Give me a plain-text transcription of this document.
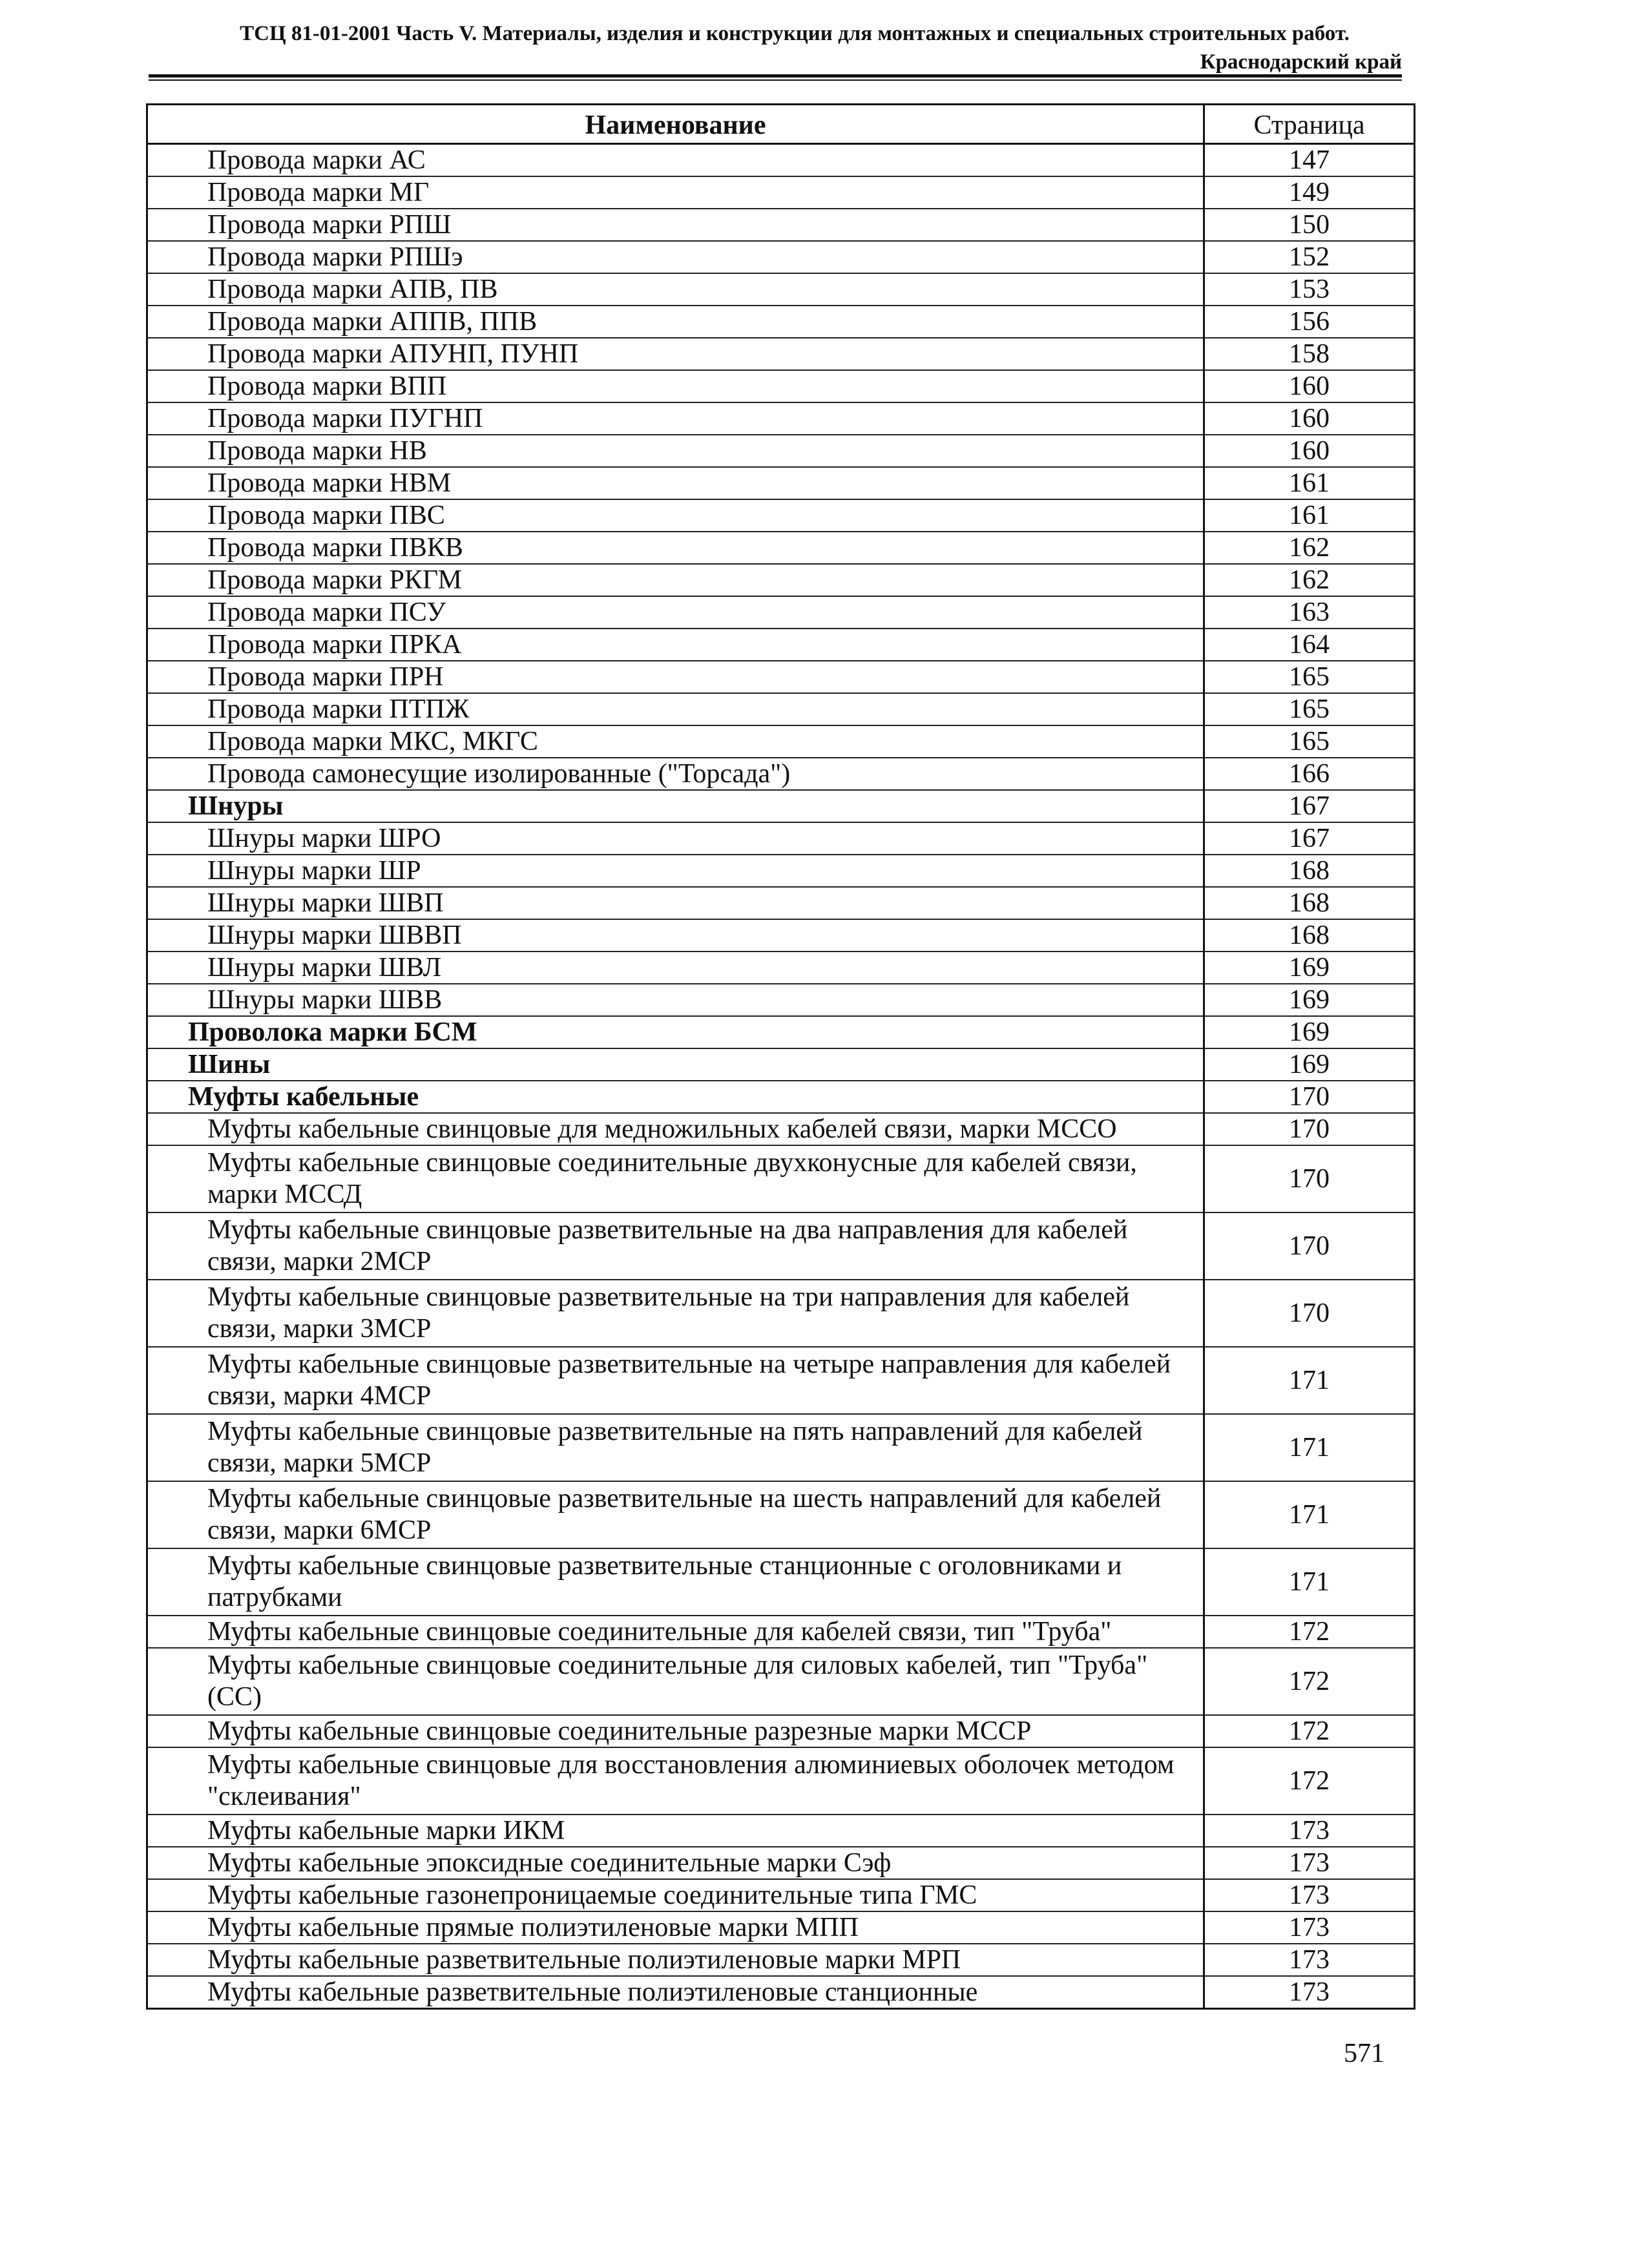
ТСЦ 81-01-2001 Часть V. Материалы, изделия и конструкции для монтажных и специальных строительных работ.
Краснодарский край
Наименование	Страница
Провода марки АС	147
Провода марки МГ	149
Провода марки РПШ	150
Провода марки РПШэ	152
Провода марки АПВ, ПВ	153
Провода марки АППВ, ППВ	156
Провода марки АПУНП, ПУНП	158
Провода марки ВПП	160
Провода марки ПУГНП	160
Провода марки НВ	160
Провода марки НВМ	161
Провода марки ПВС	161
Провода марки ПВКВ	162
Провода марки РКГМ	162
Провода марки ПСУ	163
Провода марки ПРКА	164
Провода марки ПРН	165
Провода марки ПТПЖ	165
Провода марки МКС, МКГС	165
Провода самонесущие изолированные ("Торсада")	166
Шнуры	167
Шнуры марки ШРО	167
Шнуры марки ШР	168
Шнуры марки ШВП	168
Шнуры марки ШВВП	168
Шнуры марки ШВЛ	169
Шнуры марки ШВВ	169
Проволока марки БСМ	169
Шины	169
Муфты кабельные	170
Муфты кабельные свинцовые для медножильных кабелей связи, марки МССО	170
Муфты кабельные свинцовые соединительные двухконусные для кабелей связи, марки МССД	170
Муфты кабельные свинцовые разветвительные на два направления для кабелей связи, марки 2МСР	170
Муфты кабельные свинцовые разветвительные на три направления для кабелей связи, марки 3МСР	170
Муфты кабельные свинцовые разветвительные на четыре направления для кабелей связи, марки 4МСР	171
Муфты кабельные свинцовые разветвительные на пять направлений для кабелей связи, марки 5МСР	171
Муфты кабельные свинцовые разветвительные на шесть направлений для кабелей связи, марки 6МСР	171
Муфты кабельные свинцовые разветвительные станционные с оголовниками и патрубками	171
Муфты кабельные свинцовые соединительные для кабелей связи, тип "Труба"	172
Муфты кабельные свинцовые соединительные для силовых кабелей, тип "Труба" (СС)	172
Муфты кабельные свинцовые соединительные разрезные марки МССР	172
Муфты кабельные свинцовые для восстановления алюминиевых оболочек методом "склеивания"	172
Муфты кабельные марки ИКМ	173
Муфты кабельные эпоксидные соединительные марки Сэф	173
Муфты кабельные газонепроницаемые соединительные типа ГМС	173
Муфты кабельные прямые полиэтиленовые марки МПП	173
Муфты кабельные разветвительные полиэтиленовые марки МРП	173
Муфты кабельные разветвительные полиэтиленовые станционные	173
571
